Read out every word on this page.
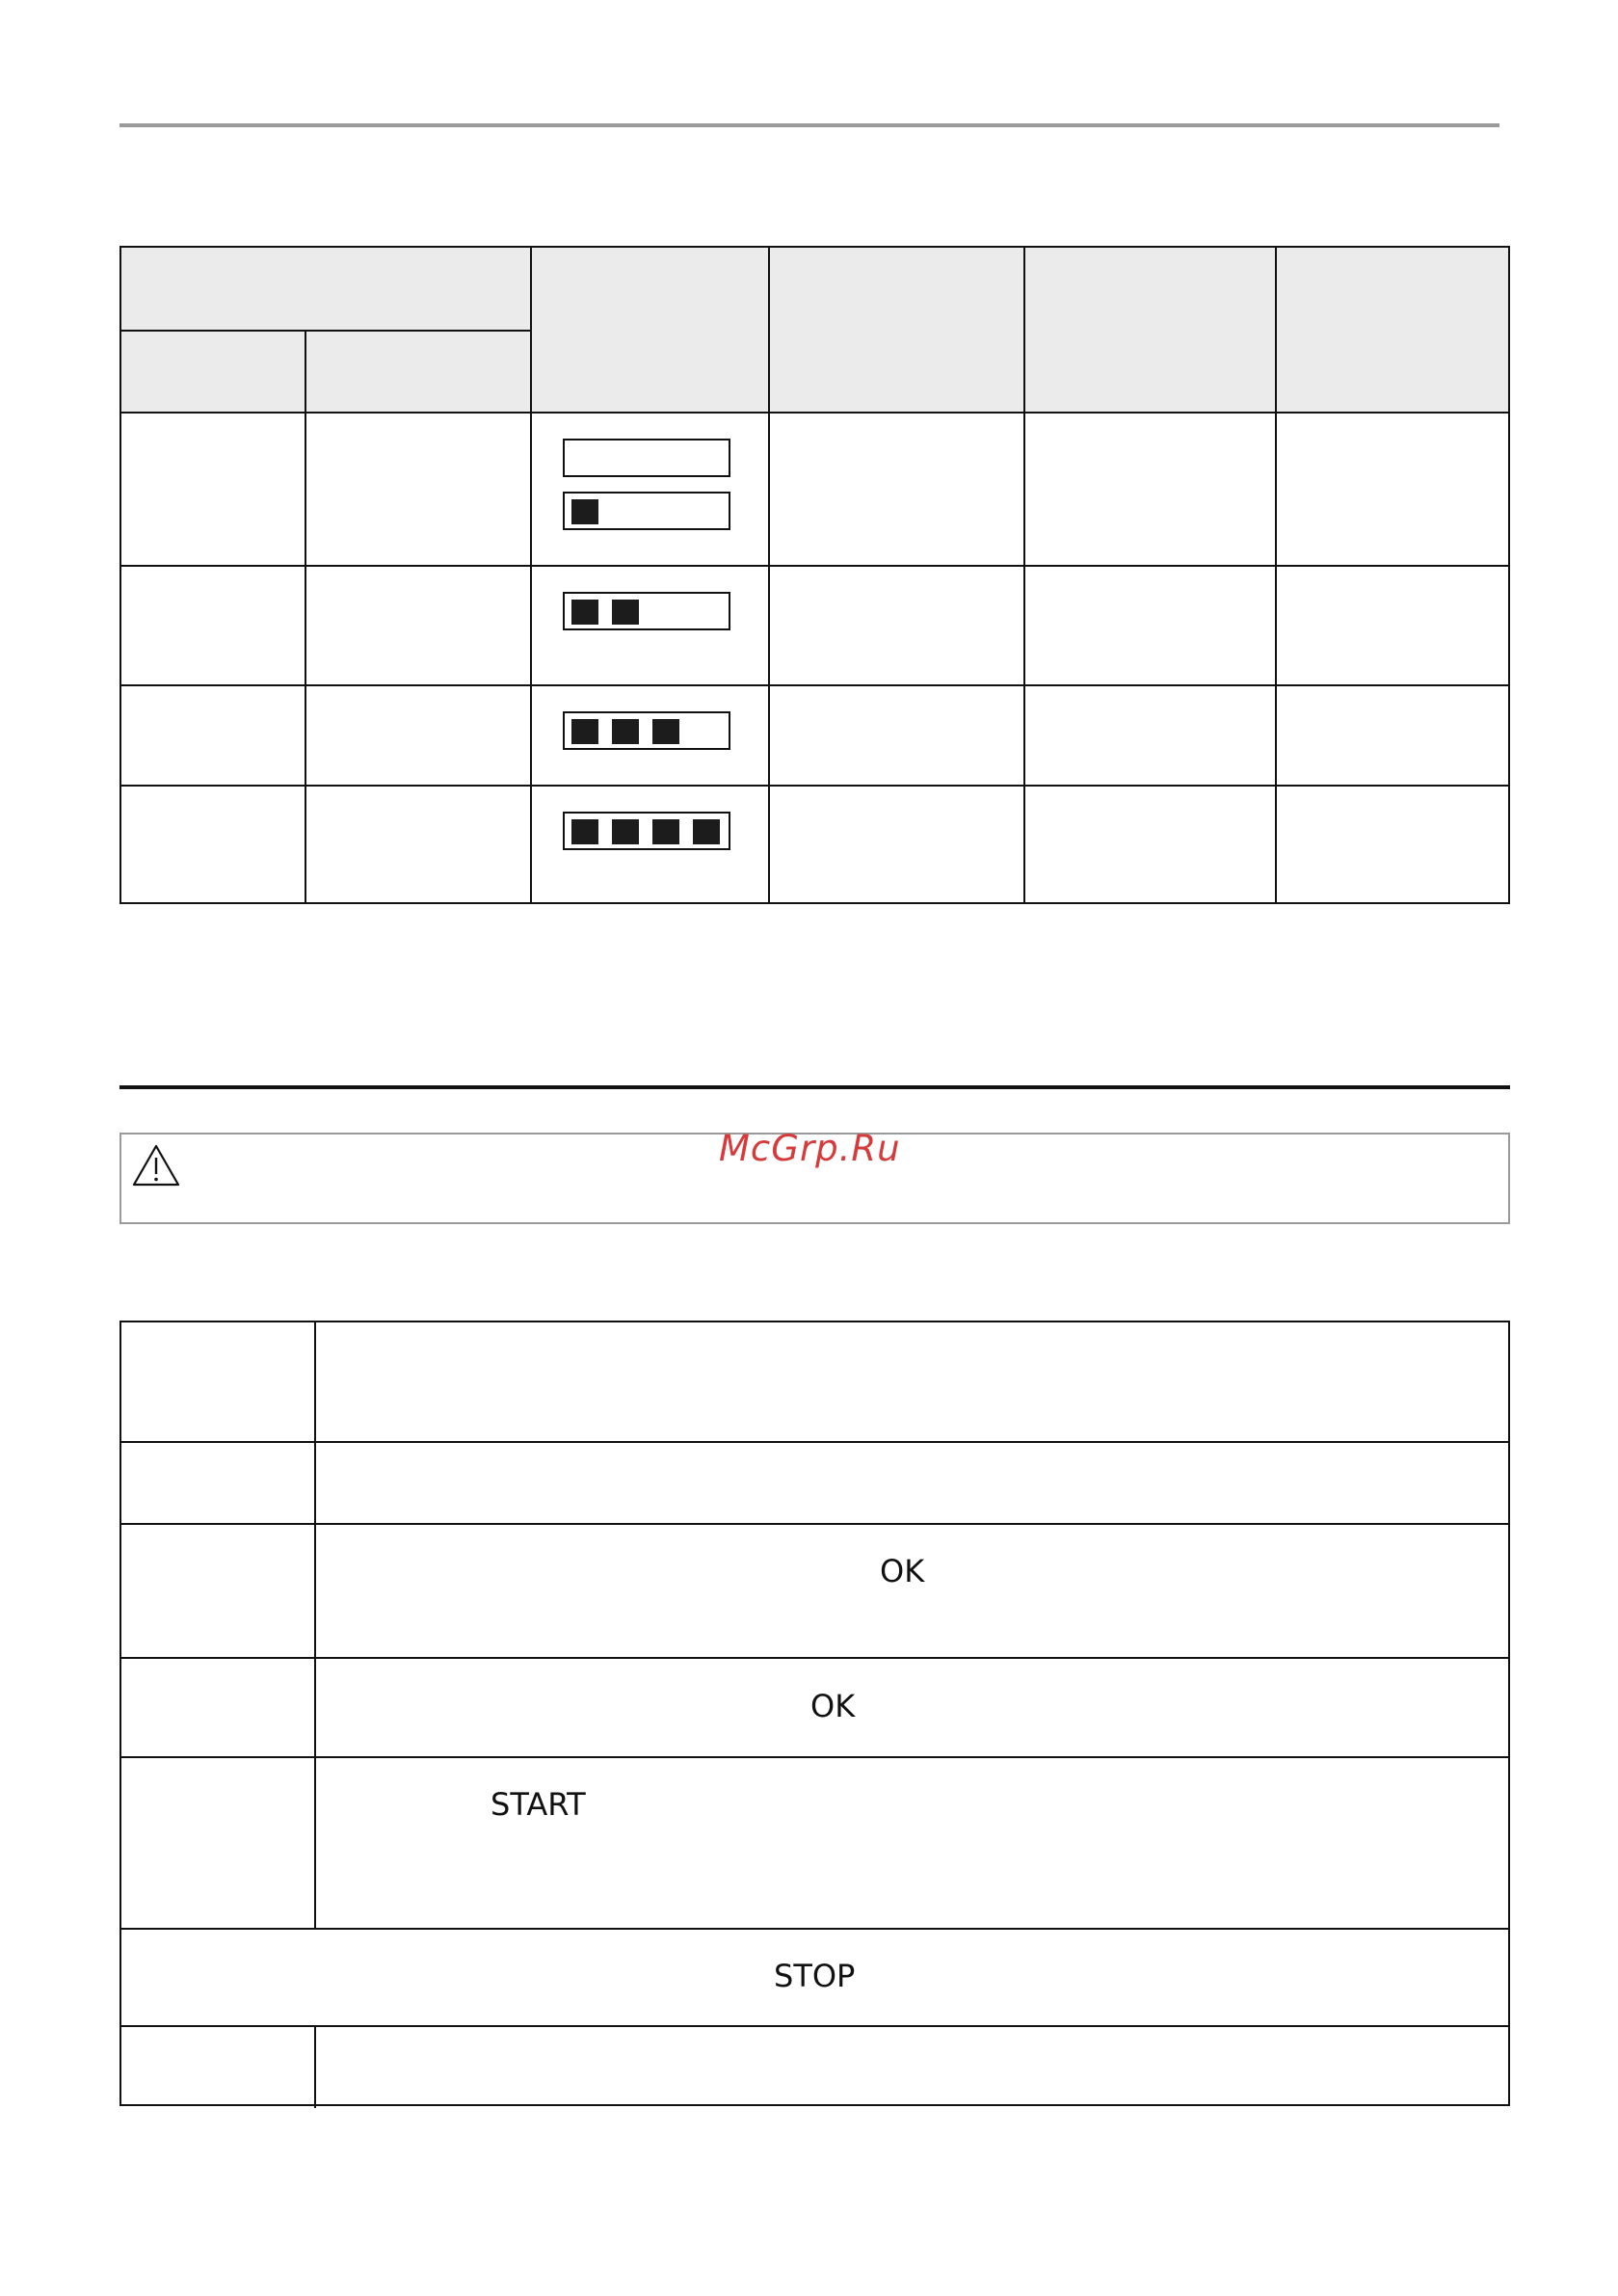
McGrp.Ru
OK
OK
START
STOP
